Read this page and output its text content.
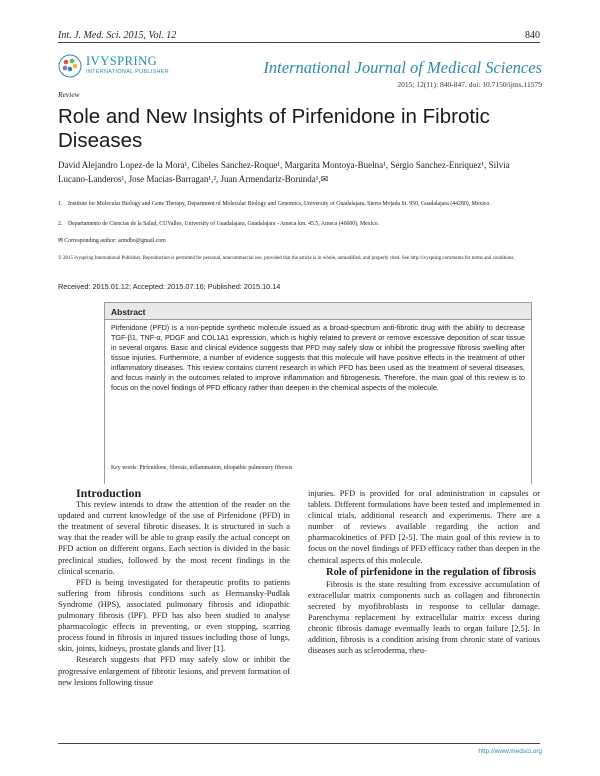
Int. J. Med. Sci. 2015, Vol. 12	840
IVYSPRING
INTERNATIONAL PUBLISHER	International Journal of Medical Sciences
2015; 12(11): 840-847. doi: 10.7150/ijms.11579
Review
Role and New Insights of Pirfenidone in Fibrotic Diseases
David Alejandro Lopez-de la Mora¹, Cibeles Sanchez-Roque¹, Margarita Montoya-Buelna¹, Sergio Sanchez-Enriquez¹, Silvia Lucano-Landeros¹, Jose Macias-Barragan¹,², Juan Armendariz-Borunda¹,✉
1. Institute for Molecular Biology and Gene Therapy, Department of Molecular Biology and Genomics, University of Guadalajara, Sierra Mojada St. 950, Guadalajara (44280), Mexico.
2. Departamento de Ciencias de la Salud, CUValles, University of Guadalajara, Guadalajara - Ameca km. 45.5, Ameca (46600), Mexico.
✉ Corresponding author: armdbo@gmail.com
© 2015 Ivyspring International Publisher. Reproduction is permitted for personal, noncommercial use, provided that the article is in whole, unmodified, and properly cited. See http://ivyspring.com/terms for terms and conditions.
Received: 2015.01.12; Accepted: 2015.07.16; Published: 2015.10.14
Abstract
Pirfenidone (PFD) is a non-peptide synthetic molecule issued as a broad-spectrum anti-fibrotic drug with the ability to decrease TGF-β1, TNF-α, PDGF and COL1A1 expression, which is highly related to prevent or remove excessive deposition of scar tissue in several organs. Basic and clinical evidence suggests that PFD may safely slow or inhibit the progressive fibrosis swelling after tissue injuries. Furthermore, a number of evidence suggests that this molecule will have positive effects in the treatment of other inflammatory diseases. This review contains current research in which PFD has been used as the treatment of several diseases, and focus mainly in the outcomes related to improve inflammation and fibrogenesis. Therefore, the main goal of this review is to focus on the novel findings of PFD efficacy rather than deepen in the chemical aspects of the molecule.
Key words: Pirfenidone, fibrosis, inflammation, idiopathic pulmonary fibrosis

Introduction

This review intends to draw the attention of the reader on the updated and current knowledge of the use of Pirfenidone (PFD) in the treatment of several fibrotic diseases. It is structured in such a way that the reader will be able to grasp easily the actual concept on PFD action on different organs. Each section is divided in the basic preclinical studies, followed by the most recent findings in the clinical scenario.

PFD is being investigated for therapeutic profits to patients suffering from fibrosis conditions such as Hermansky-Pudlak Syndrome (HPS), associated pulmonary fibrosis and idiopathic pulmonary fibrosis (IPF). PFD has also been studied to analyse pharmacologic effects in preventing, or even stopping, scarring process found in fibrosis in injured tissues including those of lungs, skin, joints, kidneys, prostate glands and liver [1].

Research suggests that PFD may safely slow or inhibit the progressive enlargement of fibrotic lesions, and prevent formation of new lesions following tissue

injuries. PFD is provided for oral administration in capsules or tablets. Different formulations have been tested and implemented in clinical trials, additional research and experiments. There are a number of reviews available regarding the action and pharmacokinetics of PFD [2-5]. The main goal of this review is to focus on the novel findings of PFD efficacy rather than deepen in the chemical aspects of this molecule.

Role of pirfenidone in the regulation of fibrosis

Fibrosis is the state resulting from excessive accumulation of extracellular matrix components such as collagen and fibronectin secreted by myofibroblasts in response to cellular damage. Parenchyma replacement by extracellular matrix excess during chronic fibrosis damage eventually leads to organ failure [2,5]. In addition, fibrosis is a condition arising from chronic state of various diseases such as scleroderma, rheu-

http://www.medsci.org
